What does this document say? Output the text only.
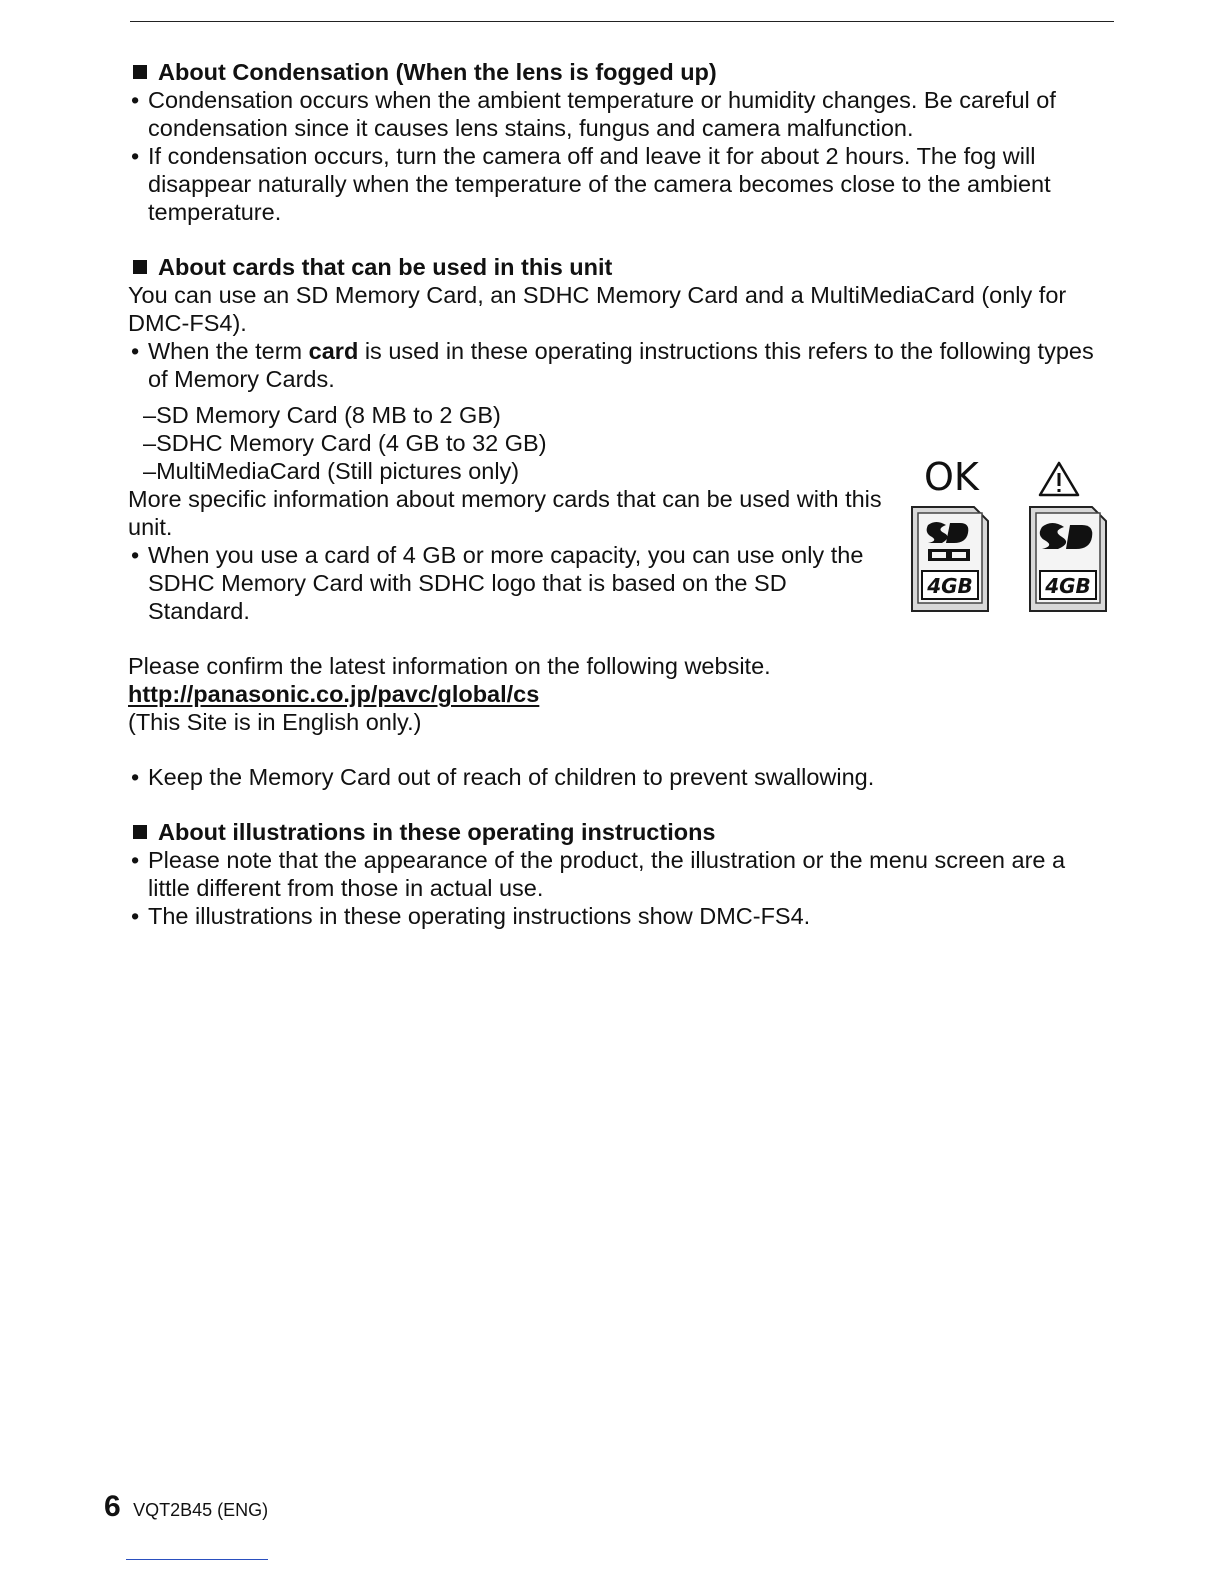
About Condensation (When the lens is fogged up)

• Condensation occurs when the ambient temperature or humidity changes. Be careful of condensation since it causes lens stains, fungus and camera malfunction.

• If condensation occurs, turn the camera off and leave it for about 2 hours. The fog will disappear naturally when the temperature of the camera becomes close to the ambient temperature.

About cards that can be used in this unit

You can use an SD Memory Card, an SDHC Memory Card and a MultiMediaCard (only for DMC-FS4).

• When the term card is used in these operating instructions this refers to the following types of Memory Cards.

–SD Memory Card (8 MB to 2 GB)

–SDHC Memory Card (4 GB to 32 GB)

–MultiMediaCard (Still pictures only)

More specific information about memory cards that can be used with this unit.

• When you use a card of 4 GB or more capacity, you can use only the SDHC Memory Card with SDHC logo that is based on the SD Standard.

OK
4GB	4GB

Please confirm the latest information on the following website.

http://panasonic.co.jp/pavc/global/cs

(This Site is in English only.)

• Keep the Memory Card out of reach of children to prevent swallowing.

About illustrations in these operating instructions

• Please note that the appearance of the product, the illustration or the menu screen are a little different from those in actual use.

• The illustrations in these operating instructions show DMC-FS4.

6 VQT2B45 (ENG)
